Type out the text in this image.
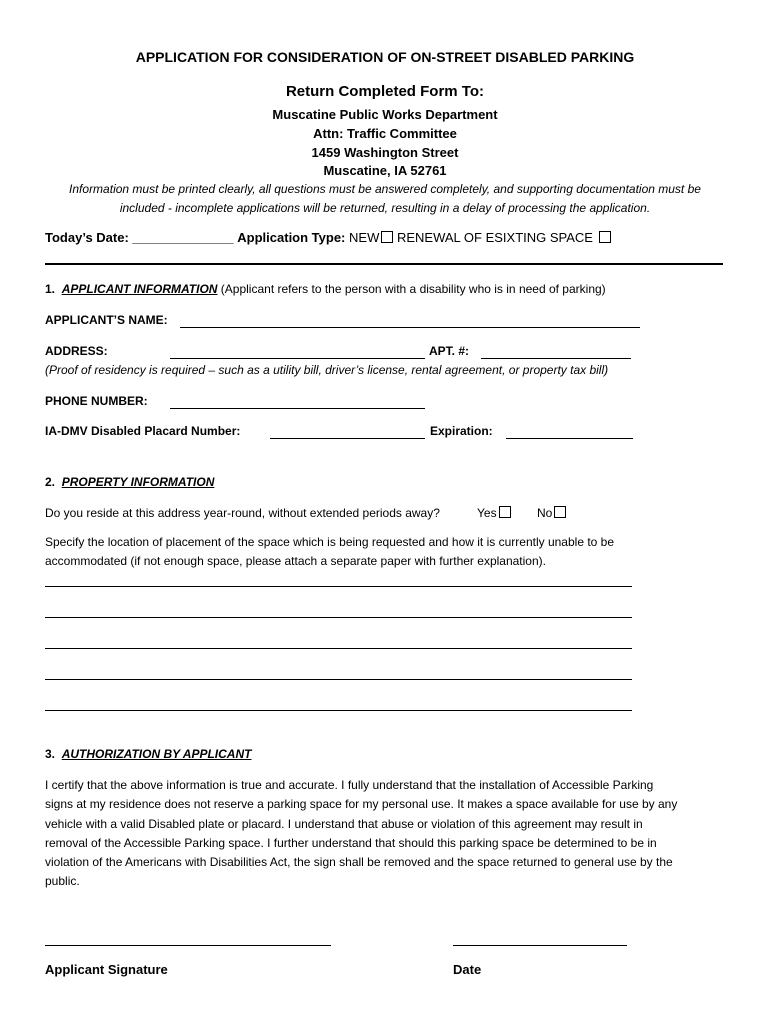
APPLICATION FOR CONSIDERATION OF ON-STREET DISABLED PARKING
Return Completed Form To:
Muscatine Public Works Department
Attn: Traffic Committee
1459 Washington Street
Muscatine, IA 52761
Information must be printed clearly, all questions must be answered completely, and supporting documentation must be
included - incomplete applications will be returned, resulting in a delay of processing the application.
Today’s Date: ______________ Application Type: NEW RENEWAL OF ESIXTING SPACE
1. APPLICANT INFORMATION (Applicant refers to the person with a disability who is in need of parking)
APPLICANT’S NAME:
ADDRESS:	APT. #:
(Proof of residency is required – such as a utility bill, driver’s license, rental agreement, or property tax bill)
PHONE NUMBER:
IA-DMV Disabled Placard Number:	Expiration:
2. PROPERTY INFORMATION
Do you reside at this address year-round, without extended periods away?	Yes	No
Specify the location of placement of the space which is being requested and how it is currently unable to be
accommodated (if not enough space, please attach a separate paper with further explanation).
3. AUTHORIZATION BY APPLICANT
I certify that the above information is true and accurate. I fully understand that the installation of Accessible Parking
signs at my residence does not reserve a parking space for my personal use. It makes a space available for use by any
vehicle with a valid Disabled plate or placard. I understand that abuse or violation of this agreement may result in
removal of the Accessible Parking space. I further understand that should this parking space be determined to be in
violation of the Americans with Disabilities Act, the sign shall be removed and the space returned to general use by the
public.
Applicant Signature	Date
